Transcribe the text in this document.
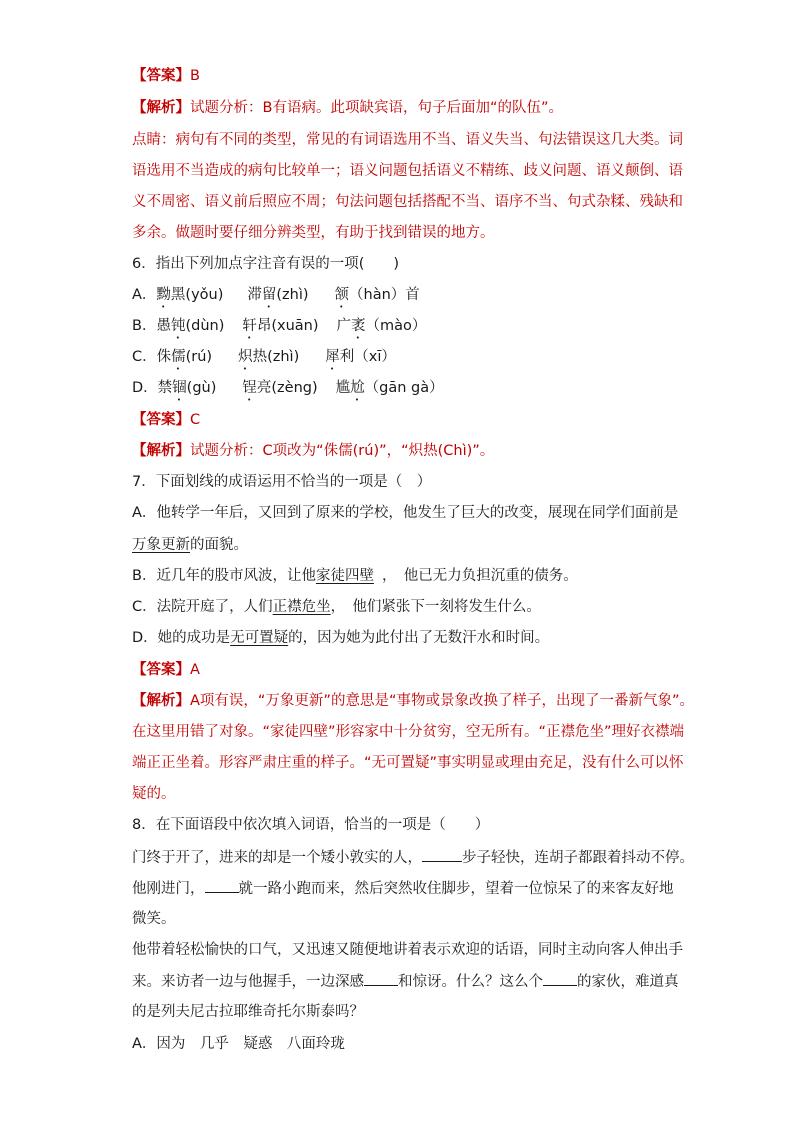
【答案】B
【解析】试题分析：B有语病。此项缺宾语，句子后面加“的队伍”。
点睛：病句有不同的类型，常见的有词语选用不当、语义失当、句法错误这几大类。词
语选用不当造成的病句比较单一；语义问题包括语义不精练、歧义问题、语义颠倒、语
义不周密、语义前后照应不周；句法问题包括搭配不当、语序不当、句式杂糅、残缺和
多余。做题时要仔细分辨类型，有助于找到错误的地方。
6．指出下列加点字注音有误的一项(　　)
A．黝黑(yǒu) 滞留(zhì) 颔（hàn）首
B．愚钝(dùn) 轩昂(xuān) 广袤（mào）
C．侏儒(rú) 炽热(zhì) 犀利（xī）
D．禁锢(gù) 锃亮(zèng) 尴尬（gān gà）
【答案】C
【解析】试题分析：C项改为“侏儒(rú)”，“炽热(Chì)”。
7．下面划线的成语运用不恰当的一项是（　）
A．他转学一年后，又回到了原来的学校，他发生了巨大的改变，展现在同学们面前是
万象更新的面貌。
B．近几年的股市风波，让他家徒四壁 ，　他已无力负担沉重的债务。
C．法院开庭了，人们正襟危坐，　他们紧张下一刻将发生什么。
D．她的成功是无可置疑的，因为她为此付出了无数汗水和时间。
【答案】A
【解析】A项有误，“万象更新”的意思是“事物或景象改换了样子，出现了一番新气象”。
在这里用错了对象。“家徒四壁”形容家中十分贫穷，空无所有。“正襟危坐”理好衣襟端
端正正坐着。形容严肃庄重的样子。“无可置疑”事实明显或理由充足，没有什么可以怀
疑的。
8．在下面语段中依次填入词语，恰当的一项是（　　）
门终于开了，进来的却是一个矮小敦实的人，	步子轻快，连胡子都跟着抖动不停。
他刚进门， 就一路小跑而来，然后突然收住脚步，望着一位惊呆了的来客友好地
微笑。
他带着轻松愉快的口气，又迅速又随便地讲着表示欢迎的话语，同时主动向客人伸出手
来。来访者一边与他握手，一边深感 和惊讶。什么？这么个 的家伙，难道真
的是列夫尼古拉耶维奇托尔斯泰吗？
A．因为　几乎　疑惑　八面玲珑
